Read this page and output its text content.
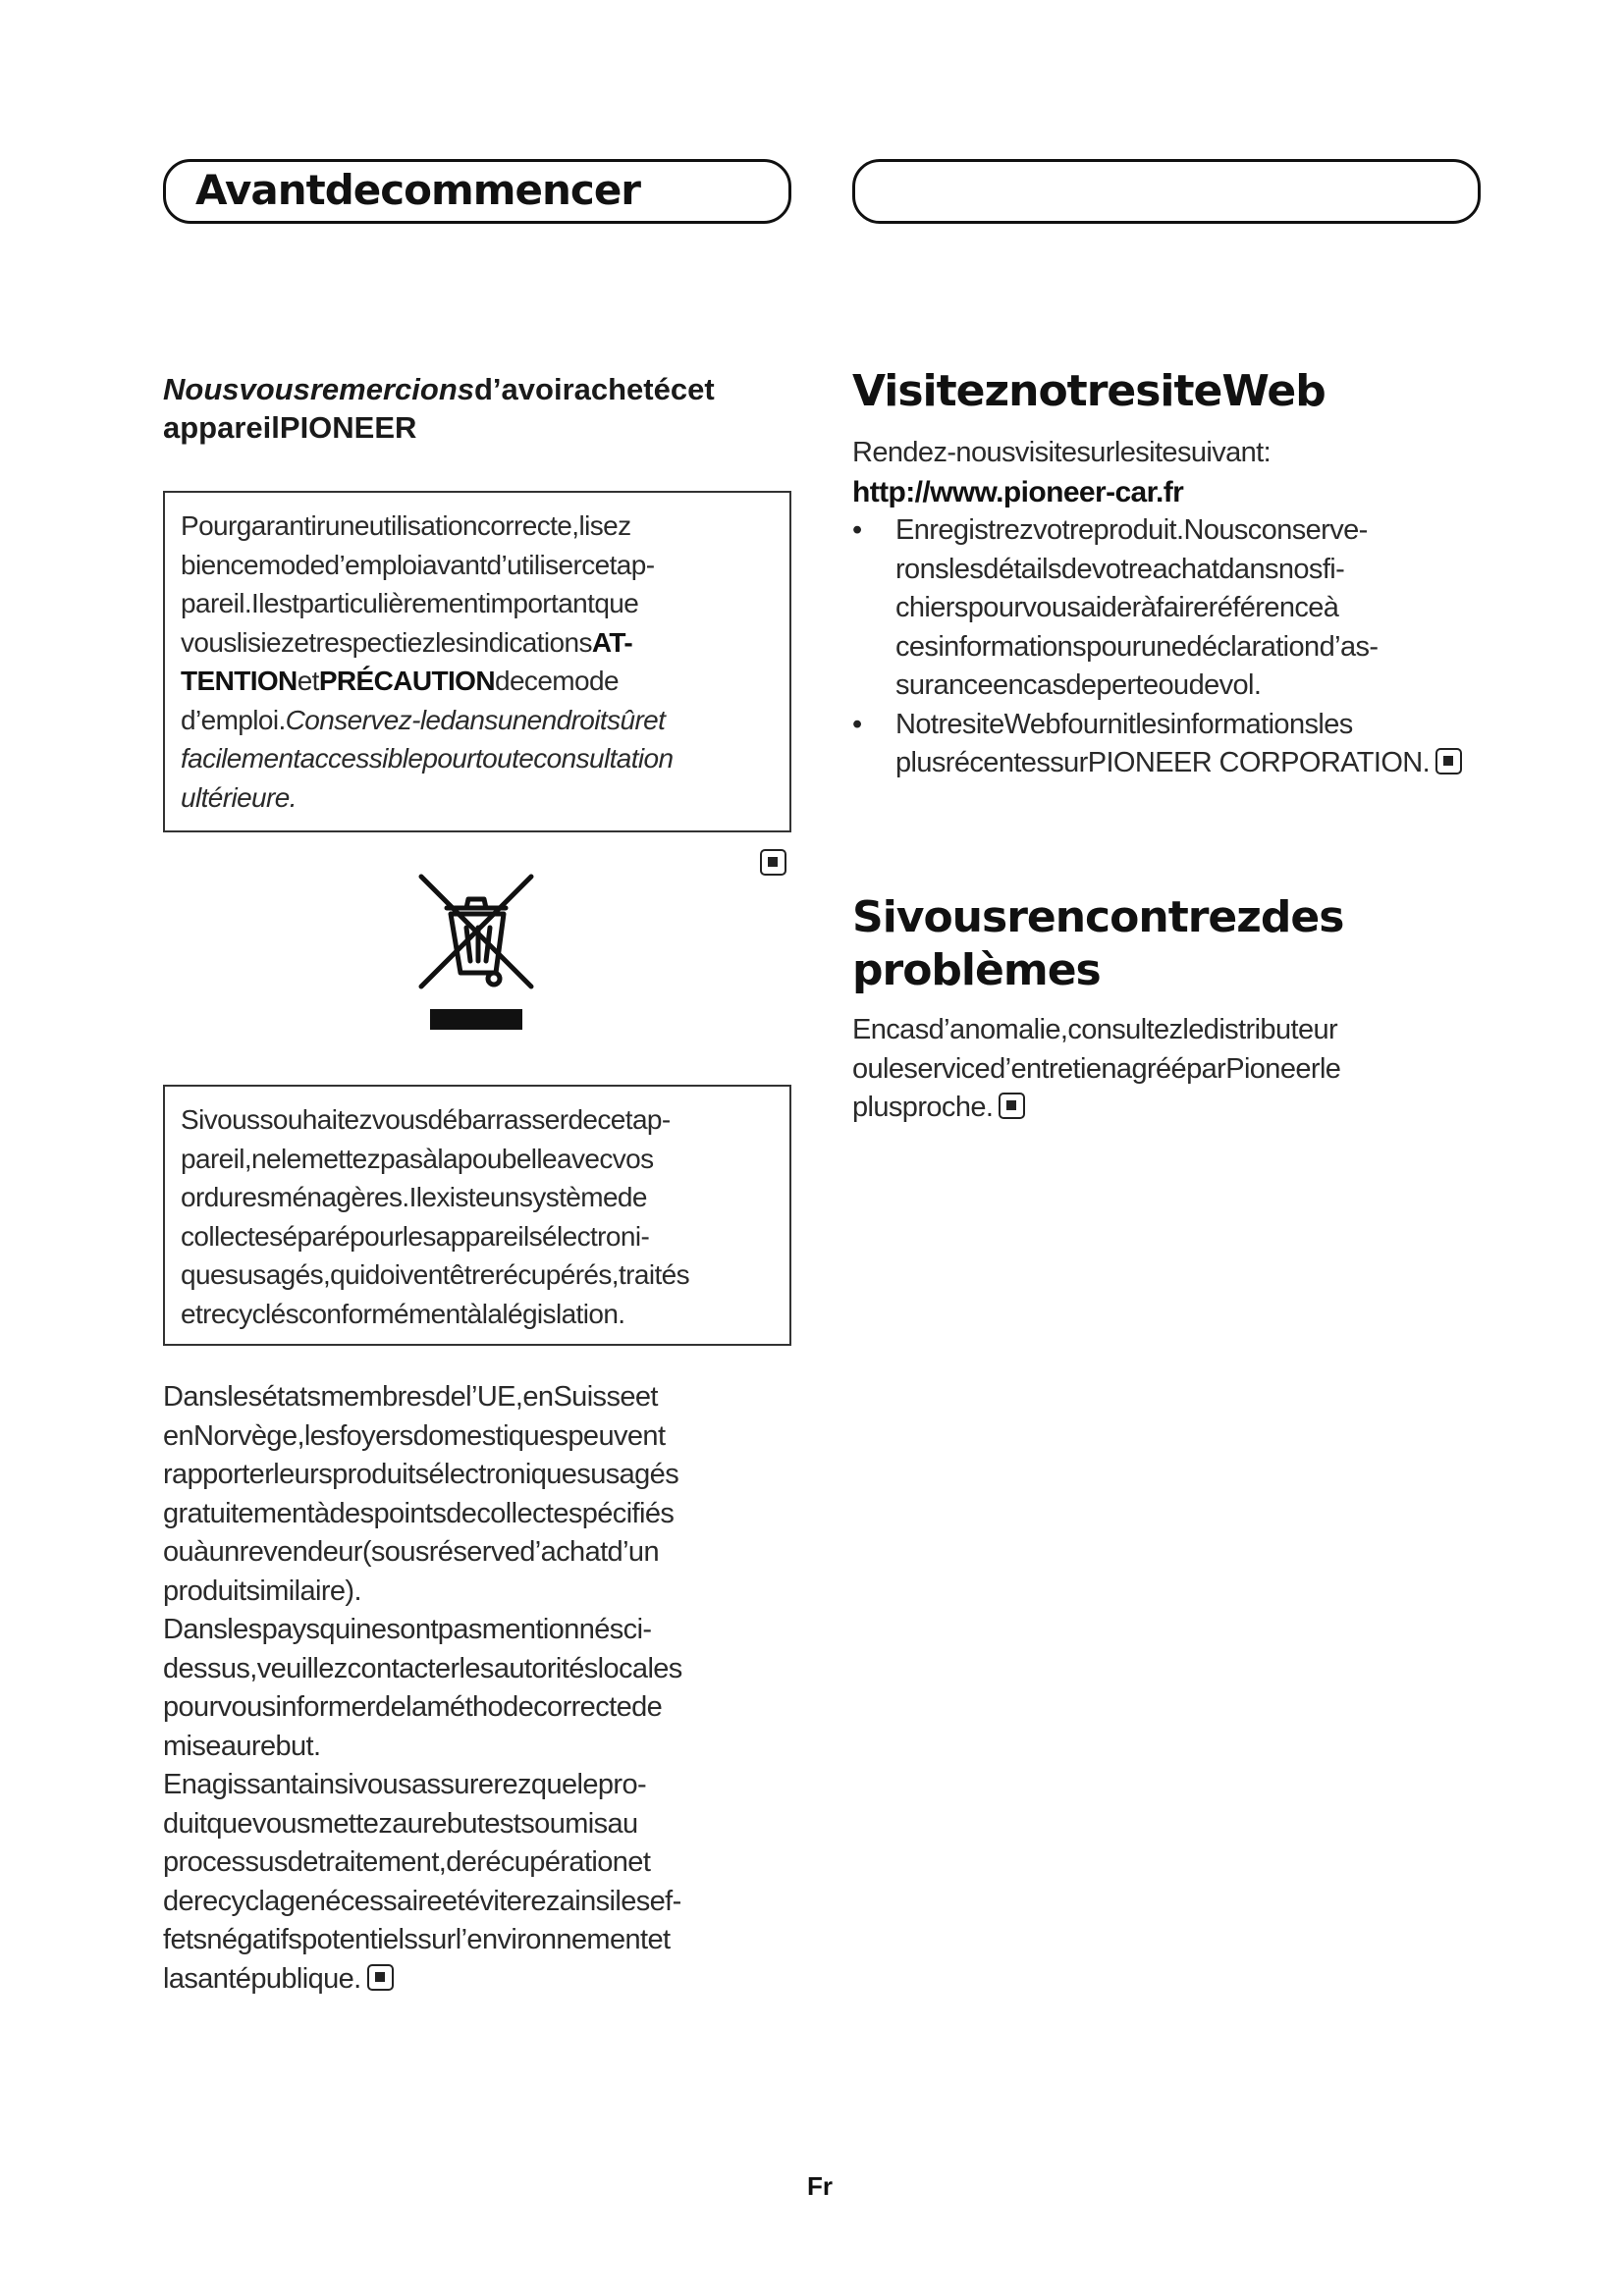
Avantdecommencer
Nousvousremercionsd’avoirachetécet
appareilPIONEER
Pourgarantiruneutilisationcorrecte,lisez biencemoded’emploiavantd’utilisercetap-pareil.Ilestparticulièrementimportantque vouslisiezetrespectiezlesindicationsAT-TENTIONetPRÉCAUTIONdecemode d’emploi.Conservez-ledansunendroitsûret facilementaccessiblepourtouteconsultation ultérieure.
Sivoussouhaitezvousdébarrasserdecetap-pareil,nelemettezpasàlapoubelleavecvos orduresménagères.Ilexisteunsystèmede collecteséparépourlesappareilsélectroni-quesusagés,quidoiventêtrerécupérés,traités etrecyclésconformémentàlalégislation.
Danslesétatsmembresdel’UE,enSuisseet enNorvège,lesfoyersdomestiquespeuvent rapporterleursproduitsélectroniquesusagés gratuitementàdespointsdecollectespécifiés ouàunrevendeur(sousréserved’achatd’un produitsimilaire).
Danslespaysquinesontpasmentionnésci-dessus,veuillezcontacterlesautoritéslocales pourvousinformerdelaméthodecorrectede miseaurebut.
Enagissantainsivousassurerezquelepro-duitquevousmettezaurebutestsoumisau processusdetraitement,derécupérationet derecyclagenécessaireetéviterezainsilesef-fetsnégatifspotentielssurl’environnementet lasantépublique.
VisiteznotresiteWeb
Rendez-nousvisitesurlesitesuivant:
http://www.pioneer-car.fr
• Enregistrezvotreproduit.Nousconserve-ronslesdétailsdevotreachatdansnosfi-chierspourvousaideràfaireréférenceà cesinformationspourunedéclarationd’as-suranceencasdeperteoudevol.
• NotresiteWebfournitlesinformationsles plusrécentessurPIONEER CORPORATION.
Sivousrencontrezdes
problèmes
Encasd’anomalie,consultezledistributeur ouleserviced’entretienagrééparPioneerle plusproche.
Fr
